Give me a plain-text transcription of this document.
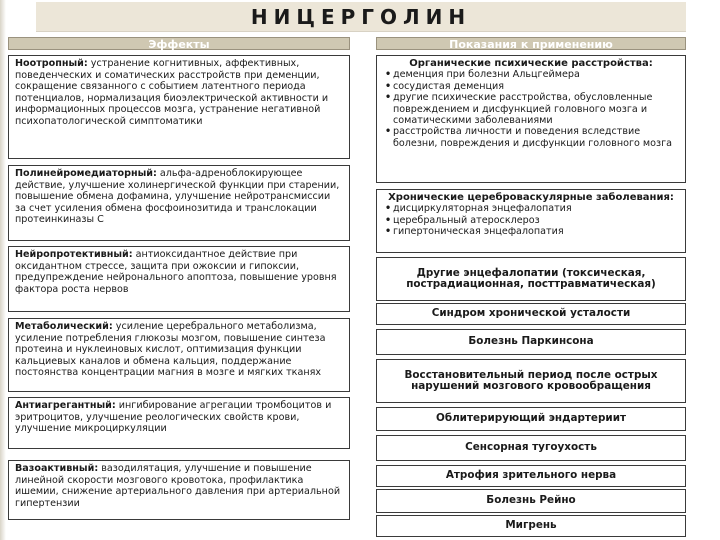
НИЦЕРГОЛИН
Эффекты
Ноотропный: устранение когнитивных, аффективных, поведенческих и соматических расстройств при деменции, сокращение связанного с событием латентного периода потенциалов, нормализация биоэлектрической активности и информационных процессов мозга, устранение негативной психопатологической симптоматики
Полинейромедиаторный: альфа-адреноблокирующее действие, улучшение холинергической функции при старении, повышение обмена дофамина, улучшение нейротрансмиссии за счет усиления обмена фосфоинозитида и транслокации протеинкиназы С
Нейропротективный: антиоксидантное действие при оксидантном стрессе, защита при ожоксии и гипоксии, предупреждение нейронального апоптоза, повышение уровня фактора роста нервов
Метаболический: усиление церебрального метаболизма, усиление потребления глюкозы мозгом, повышение синтеза протеина и нуклеиновых кислот, оптимизация функции кальциевых каналов и обмена кальция, поддержание постоянства концентрации магния в мозге и мягких тканях
Антиагрегантный: ингибирование агрегации тромбоцитов и эритроцитов, улучшение реологических свойств крови, улучшение микроциркуляции
Вазоактивный: вазодилятация, улучшение и повышение линейной скорости мозгового кровотока, профилактика ишемии, снижение артериального давления при артериальной гипертензии
Показания к применению
Органические психические расстройства:
• деменция при болезни Альцгеймера
• сосудистая деменция
• другие психические расстройства, обусловленные повреждением и дисфункцией головного мозга и соматическими заболеваниями
• расстройства личности и поведения вследствие болезни, повреждения и дисфункции головного мозга
Хронические цереброваскулярные заболевания:
• дисциркуляторная энцефалопатия
• церебральный атеросклероз
• гипертоническая энцефалопатия
Другие энцефалопатии (токсическая, пострадиационная, посттравматическая)
Синдром хронической усталости
Болезнь Паркинсона
Восстановительный период после острых нарушений мозгового кровообращения
Облитерирующий эндартериит
Сенсорная тугоухость
Атрофия зрительного нерва
Болезнь Рейно
Мигрень
